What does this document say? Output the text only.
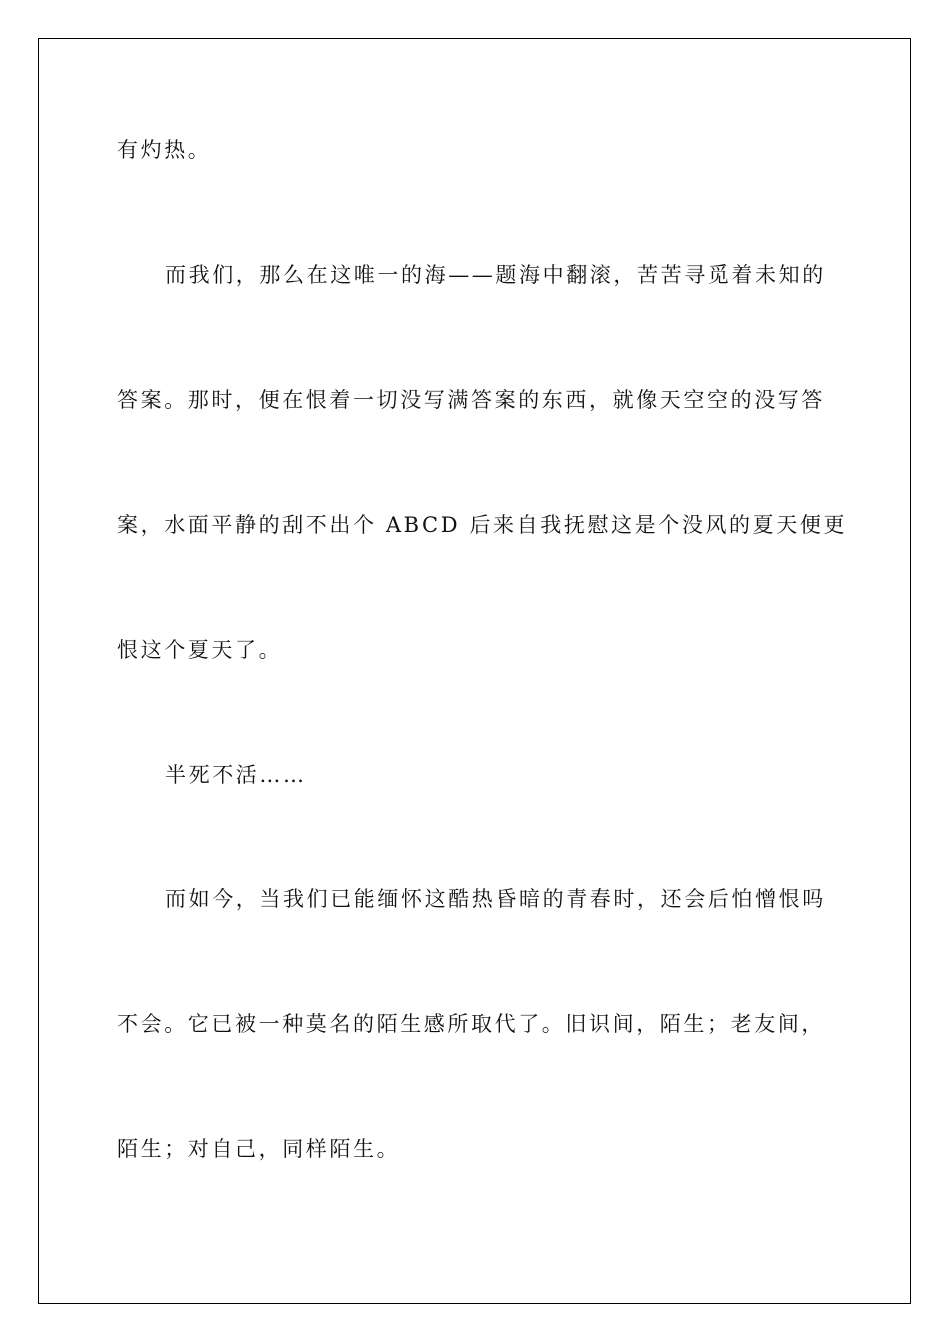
有灼热。
而我们，那么在这唯一的海——题海中翻滚，苦苦寻觅着未知的
答案。那时，便在恨着一切没写满答案的东西，就像天空空的没写答
案，水面平静的刮不出个 ABCD 后来自我抚慰这是个没风的夏天便更
恨这个夏天了。
半死不活……
而如今，当我们已能缅怀这酷热昏暗的青春时，还会后怕憎恨吗
不会。它已被一种莫名的陌生感所取代了。旧识间，陌生；老友间，
陌生；对自己，同样陌生。
